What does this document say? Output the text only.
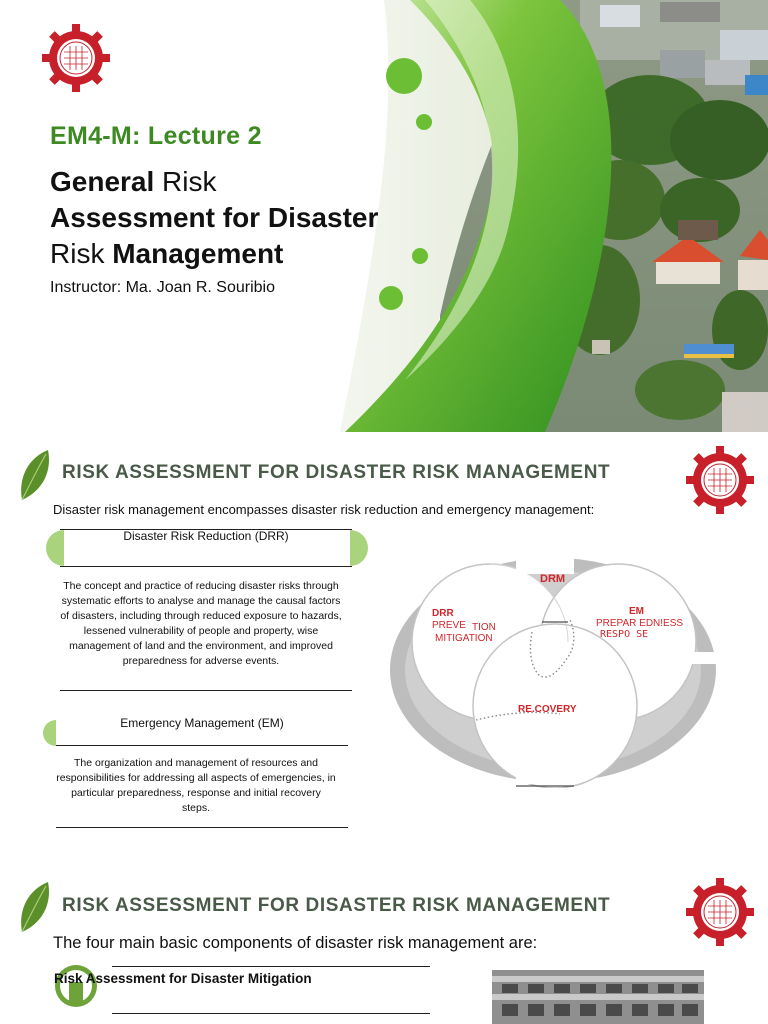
EM4-M: Lecture 2
General Risk
Assessment for Disaster
Risk Management
Instructor: Ma. Joan R. Souribio
RISK ASSESSMENT FOR DISASTER RISK MANAGEMENT
Disaster risk management encompasses disaster risk reduction and emergency management:
Disaster Risk Reduction (DRR)
The concept and practice of reducing disaster risks through systematic efforts to analyse and manage the causal factors of disasters, including through reduced exposure to hazards, lessened vulnerability of people and property, wise management of land and the environment, and improved preparedness for adverse events.
Emergency Management (EM)
The organization and management of resources and responsibilities for addressing all aspects of emergencies, in particular preparedness, response and initial recovery steps.
DRM
DRR
PREVE TION
MITIGATION
EM
PREPAR EDN!ESS
RESPO SE
RE.COVERY
RISK ASSESSMENT FOR DISASTER RISK MANAGEMENT
The four main basic components of disaster risk management are:
Risk Assessment for Disaster Mitigation
